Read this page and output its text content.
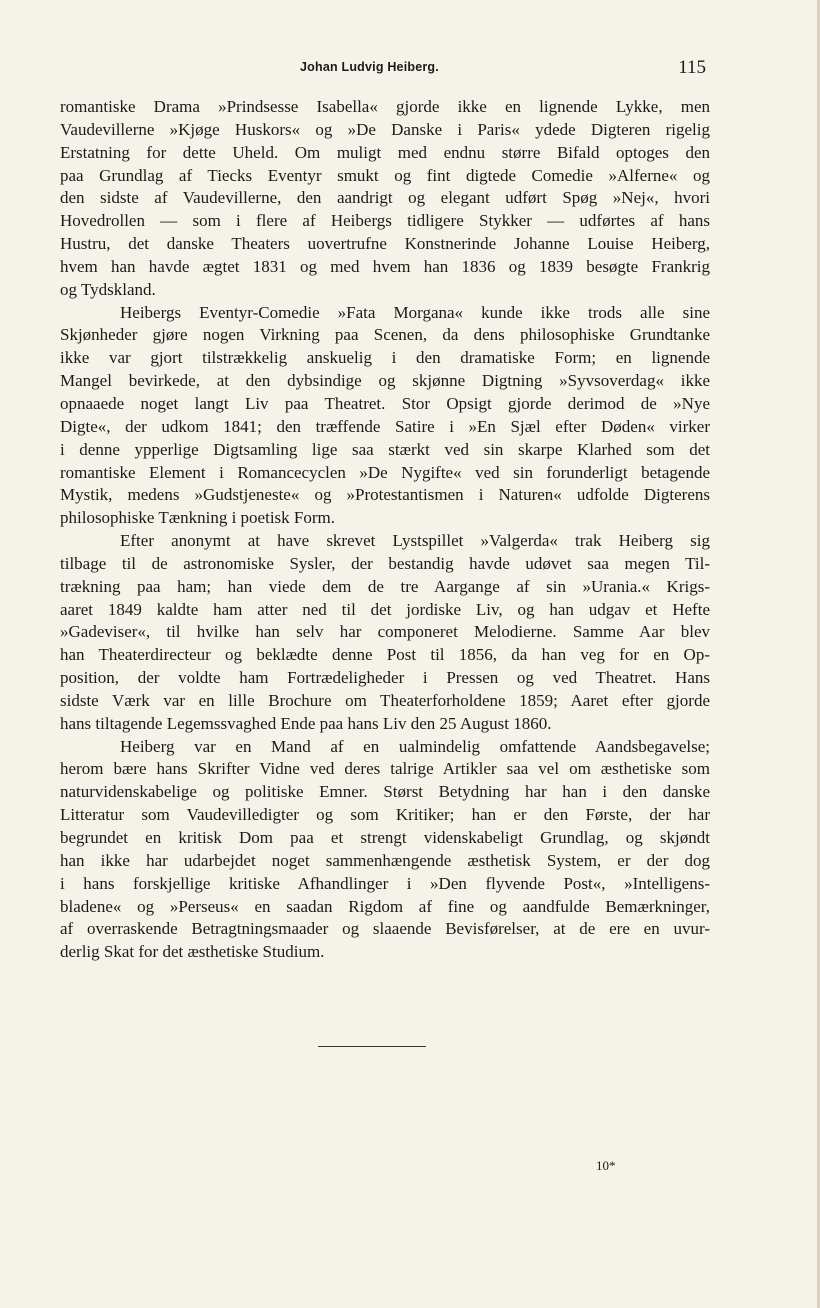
Johan Ludvig Heiberg.	115
romantiske Drama »Prindsesse Isabella« gjorde ikke en lignende Lykke, men
Vaudevillerne »Kjøge Huskors« og »De Danske i Paris« ydede Digteren rigelig
Erstatning for dette Uheld. Om muligt med endnu større Bifald optoges den
paa Grundlag af Tiecks Eventyr smukt og fint digtede Comedie »Alferne« og
den sidste af Vaudevillerne, den aandrigt og elegant udført Spøg »Nej«, hvori
Hovedrollen — som i flere af Heibergs tidligere Stykker — udførtes af hans
Hustru, det danske Theaters uovertrufne Konstnerinde Johanne Louise Heiberg,
hvem han havde ægtet 1831 og med hvem han 1836 og 1839 besøgte Frankrig
og Tydskland.
Heibergs Eventyr-Comedie »Fata Morgana« kunde ikke trods alle sine
Skjønheder gjøre nogen Virkning paa Scenen, da dens philosophiske Grundtanke
ikke var gjort tilstrækkelig anskuelig i den dramatiske Form; en lignende
Mangel bevirkede, at den dybsindige og skjønne Digtning »Syvsoverdag« ikke
opnaaede noget langt Liv paa Theatret. Stor Opsigt gjorde derimod de »Nye
Digte«, der udkom 1841; den træffende Satire i »En Sjæl efter Døden« virker
i denne ypperlige Digtsamling lige saa stærkt ved sin skarpe Klarhed som det
romantiske Element i Romancecyclen »De Nygifte« ved sin forunderligt betagende
Mystik, medens »Gudstjeneste« og »Protestantismen i Naturen« udfolde Digterens
philosophiske Tænkning i poetisk Form.
Efter anonymt at have skrevet Lystspillet »Valgerda« trak Heiberg sig
tilbage til de astronomiske Sysler, der bestandig havde udøvet saa megen Til-
trækning paa ham; han viede dem de tre Aargange af sin »Urania.« Krigs-
aaret 1849 kaldte ham atter ned til det jordiske Liv, og han udgav et Hefte
»Gadeviser«, til hvilke han selv har componeret Melodierne. Samme Aar blev
han Theaterdirecteur og beklædte denne Post til 1856, da han veg for en Op-
position, der voldte ham Fortrædeligheder i Pressen og ved Theatret. Hans
sidste Værk var en lille Brochure om Theaterforholdene 1859; Aaret efter gjorde
hans tiltagende Legemssvaghed Ende paa hans Liv den 25 August 1860.
Heiberg var en Mand af en ualmindelig omfattende Aandsbegavelse;
herom bære hans Skrifter Vidne ved deres talrige Artikler saa vel om æsthetiske som
naturvidenskabelige og politiske Emner. Størst Betydning har han i den danske
Litteratur som Vaudevilledigter og som Kritiker; han er den Første, der har
begrundet en kritisk Dom paa et strengt videnskabeligt Grundlag, og skjøndt
han ikke har udarbejdet noget sammenhængende æsthetisk System, er der dog
i hans forskjellige kritiske Afhandlinger i »Den flyvende Post«, »Intelligens-
bladene« og »Perseus« en saadan Rigdom af fine og aandfulde Bemærkninger,
af overraskende Betragtningsmaader og slaaende Bevisførelser, at de ere en uvur-
derlig Skat for det æsthetiske Studium.
10*
